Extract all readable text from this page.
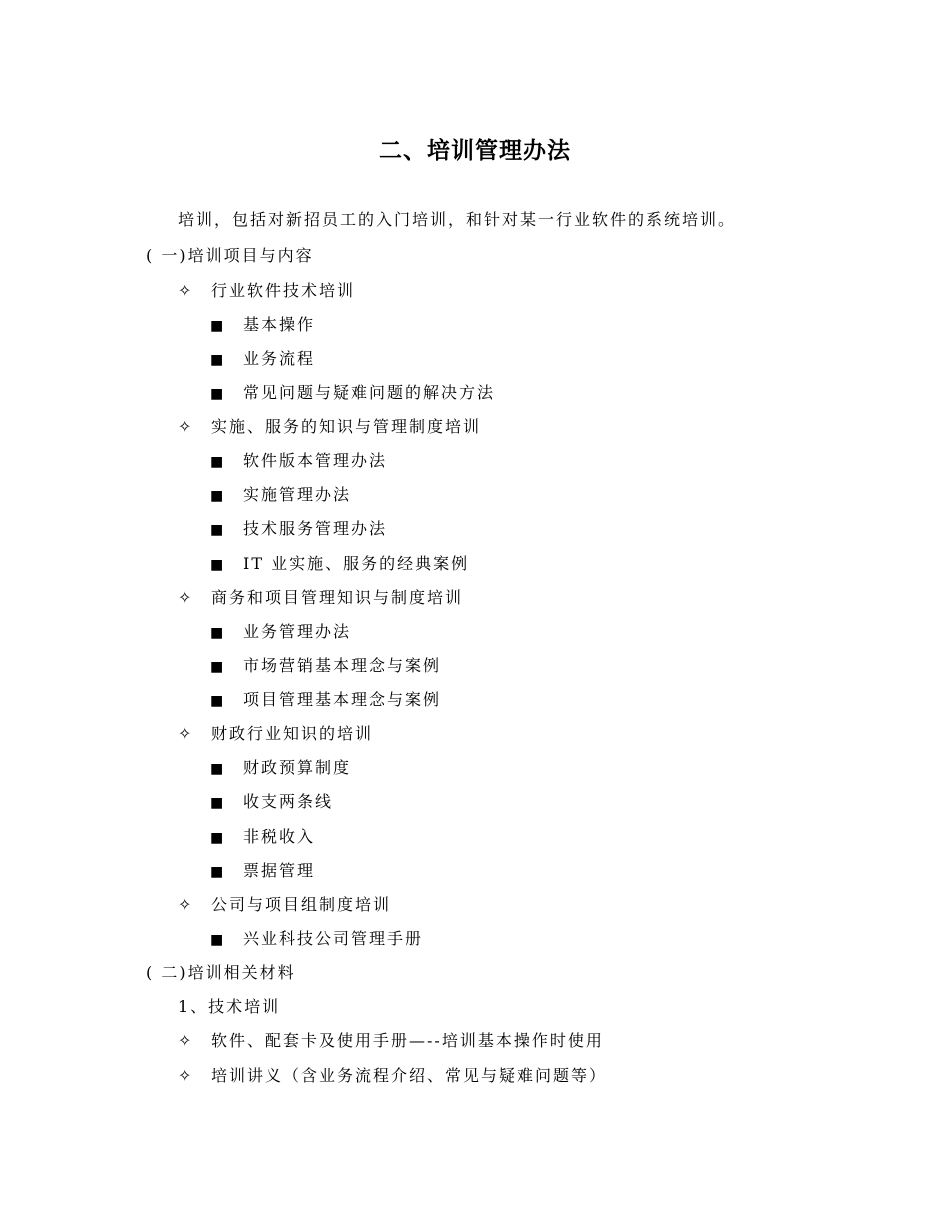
二、培训管理办法
培训，包括对新招员工的入门培训，和针对某一行业软件的系统培训。
( 一)培训项目与内容
✧ 行业软件技术培训
■ 基本操作
■ 业务流程
■ 常见问题与疑难问题的解决方法
✧ 实施、服务的知识与管理制度培训
■ 软件版本管理办法
■ 实施管理办法
■ 技术服务管理办法
■ IT 业实施、服务的经典案例
✧ 商务和项目管理知识与制度培训
■ 业务管理办法
■ 市场营销基本理念与案例
■ 项目管理基本理念与案例
✧ 财政行业知识的培训
■ 财政预算制度
■ 收支两条线
■ 非税收入
■ 票据管理
✧ 公司与项目组制度培训
■ 兴业科技公司管理手册
( 二)培训相关材料
1、技术培训
✧ 软件、配套卡及使用手册—--培训基本操作时使用
✧ 培训讲义（含业务流程介绍、常见与疑难问题等）
